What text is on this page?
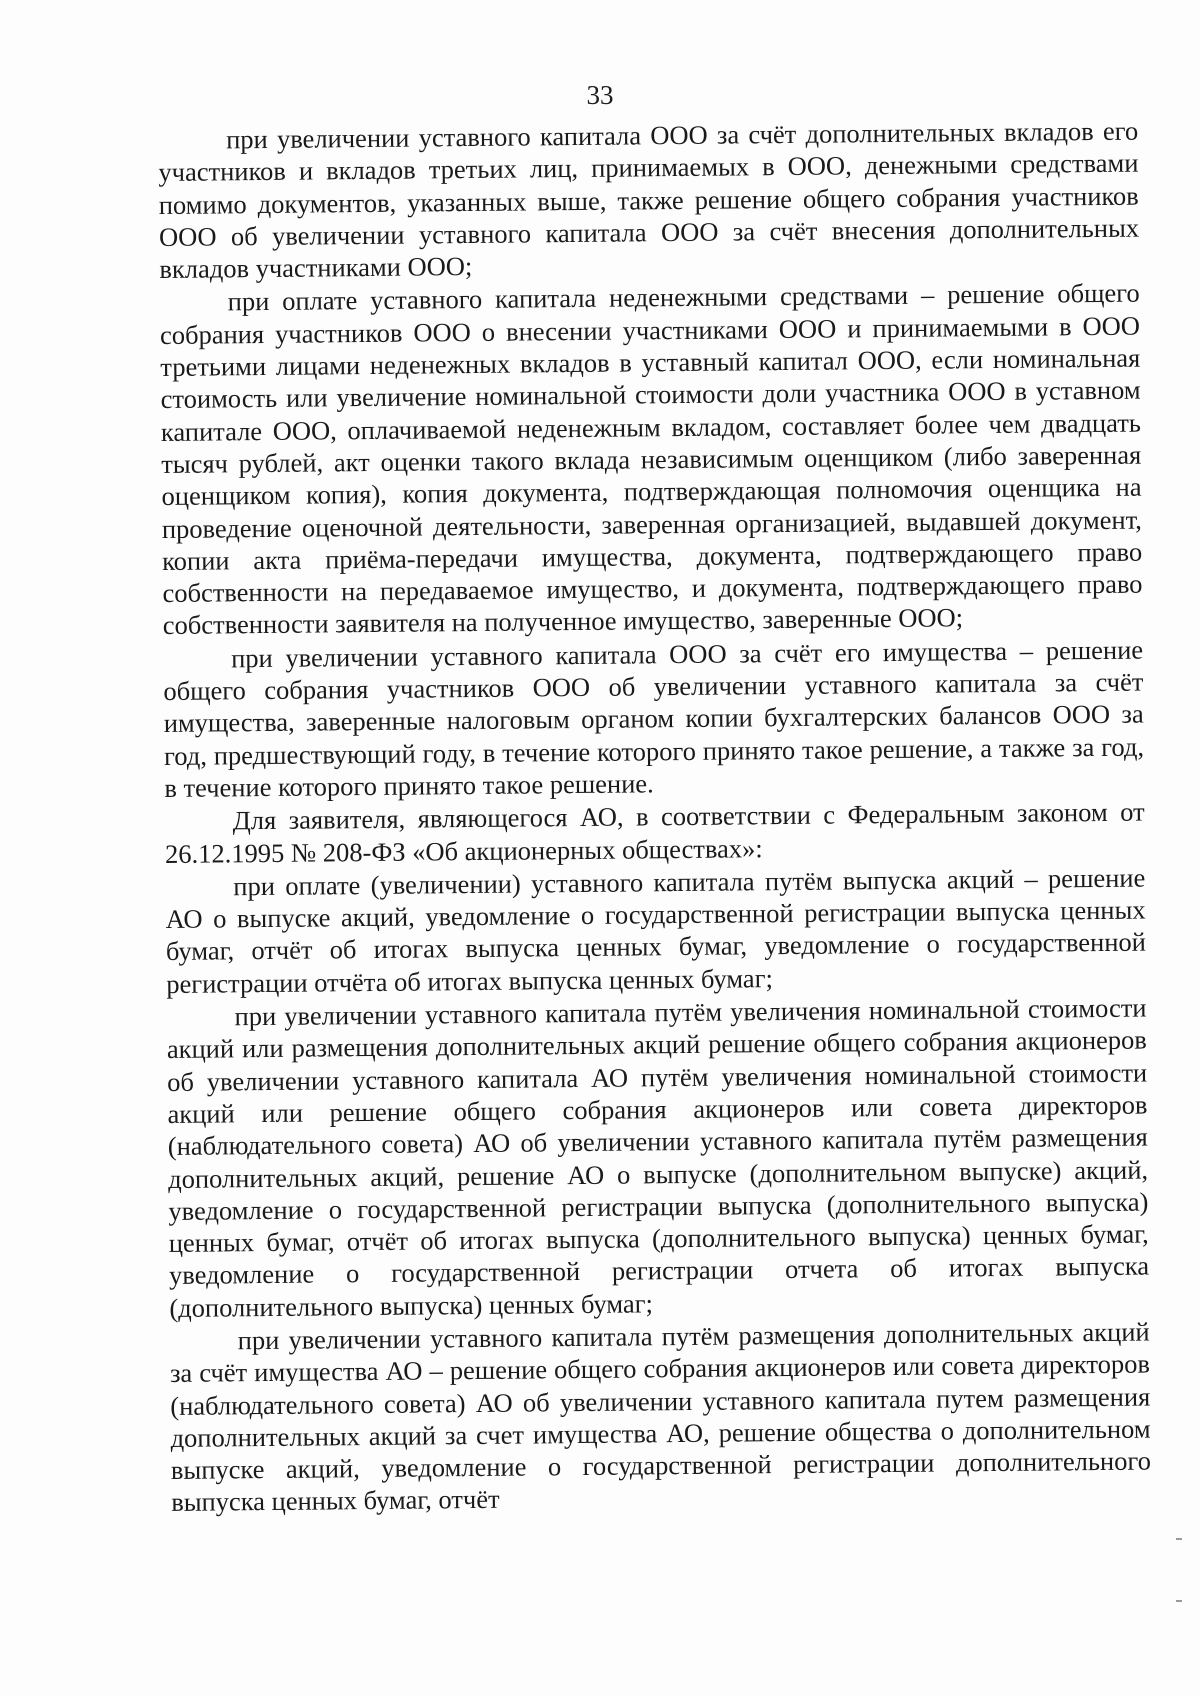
33

при увеличении уставного капитала ООО за счёт дополнительных вкладов его участников и вкладов третьих лиц, принимаемых в ООО, денежными средствами помимо документов, указанных выше, также решение общего собрания участников ООО об увеличении уставного капитала ООО за счёт внесения дополнительных вкладов участниками ООО;

при оплате уставного капитала неденежными средствами – решение общего собрания участников ООО о внесении участниками ООО и принимаемыми в ООО третьими лицами неденежных вкладов в уставный капитал ООО, если номинальная стоимость или увеличение номинальной стоимости доли участника ООО в уставном капитале ООО, оплачиваемой неденежным вкладом, составляет более чем двадцать тысяч рублей, акт оценки такого вклада независимым оценщиком (либо заверенная оценщиком копия), копия документа, подтверждающая полномочия оценщика на проведение оценочной деятельности, заверенная организацией, выдавшей документ, копии акта приёма-передачи имущества, документа, подтверждающего право собственности на передаваемое имущество, и документа, подтверждающего право собственности заявителя на полученное имущество, заверенные ООО;

при увеличении уставного капитала ООО за счёт его имущества – решение общего собрания участников ООО об увеличении уставного капитала за счёт имущества, заверенные налоговым органом копии бухгалтерских балансов ООО за год, предшествующий году, в течение которого принято такое решение, а также за год, в течение которого принято такое решение.

Для заявителя, являющегося АО, в соответствии с Федеральным законом от 26.12.1995 № 208-ФЗ «Об акционерных обществах»:

при оплате (увеличении) уставного капитала путём выпуска акций – решение АО о выпуске акций, уведомление о государственной регистрации выпуска ценных бумаг, отчёт об итогах выпуска ценных бумаг, уведомление о государственной регистрации отчёта об итогах выпуска ценных бумаг;

при увеличении уставного капитала путём увеличения номинальной стоимости акций или размещения дополнительных акций решение общего собрания акционеров об увеличении уставного капитала АО путём увеличения номинальной стоимости акций или решение общего собрания акционеров или совета директоров (наблюдательного совета) АО об увеличении уставного капитала путём размещения дополнительных акций, решение АО о выпуске (дополнительном выпуске) акций, уведомление о государственной регистрации выпуска (дополнительного выпуска) ценных бумаг, отчёт об итогах выпуска (дополнительного выпуска) ценных бумаг, уведомление о государственной регистрации отчета об итогах выпуска (дополнительного выпуска) ценных бумаг;

при увеличении уставного капитала путём размещения дополнительных акций за счёт имущества АО – решение общего собрания акционеров или совета директоров (наблюдательного совета) АО об увеличении уставного капитала путем размещения дополнительных акций за счет имущества АО, решение общества о дополнительном выпуске акций, уведомление о государственной регистрации дополнительного выпуска ценных бумаг, отчёт
